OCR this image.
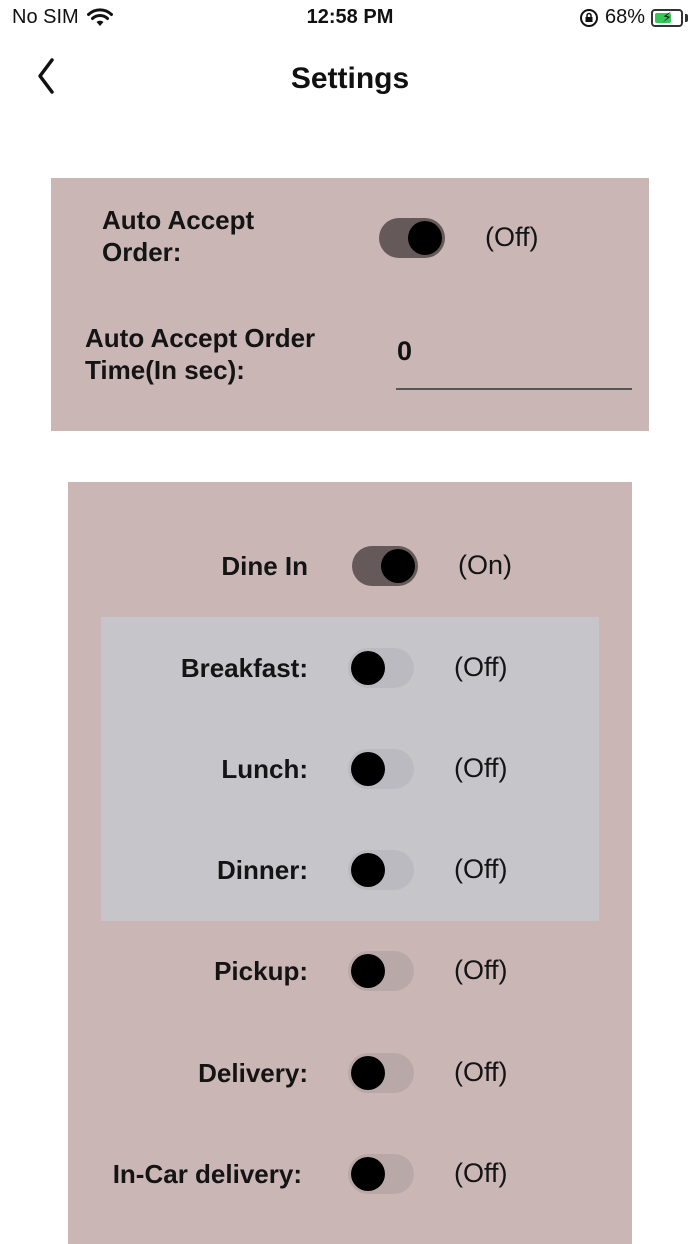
No SIM	12:58 PM	68%	⚡
Settings
Auto Accept
Order:	(Off)
Auto Accept Order
Time(In sec):
0
Dine In	(On)
Breakfast:	(Off)
Lunch:	(Off)
Dinner:	(Off)
Pickup:	(Off)
Delivery:	(Off)
In-Car delivery:	(Off)
